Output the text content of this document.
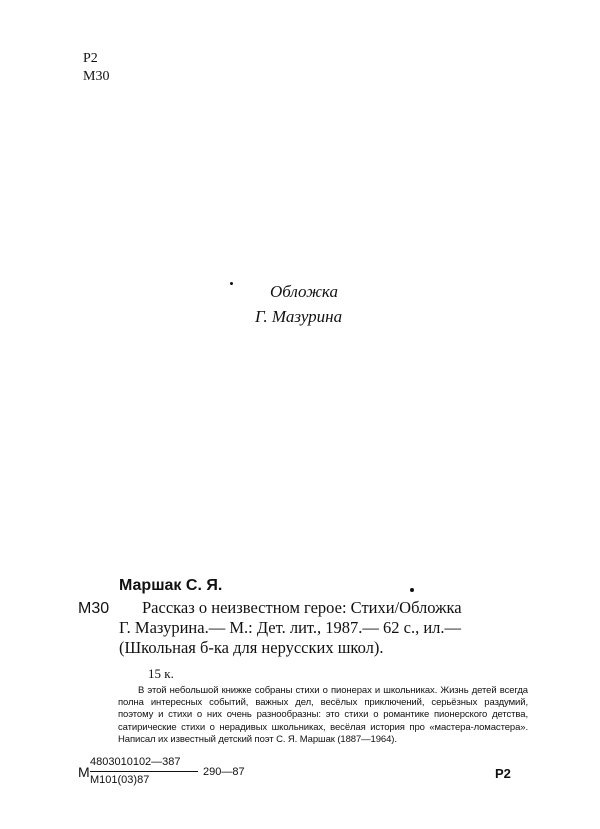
Р2
М30
Обложка
Г. Мазурина
Маршак С. Я.
М30 Рассказ о неизвестном герое: Стихи/Обложка
Г. Мазурина.— М.: Дет. лит., 1987.— 62 с., ил.—
(Школьная б-ка для нерусских школ).
15 к.
В этой небольшой книжке собраны стихи о пионерах и школьниках. Жизнь детей всегда полна интересных событий, важных дел, весёлых приключений, серьёзных раздумий, поэтому и стихи о них очень разнообразны: это стихи о романтике пионерского детства, сатирические стихи о нерадивых школьниках, весёлая история про «мастера-ломастера». Написал их известный детский поэт С. Я. Маршак (1887—1964).
М
4803010102—387
М101(03)87
290—87	Р2
